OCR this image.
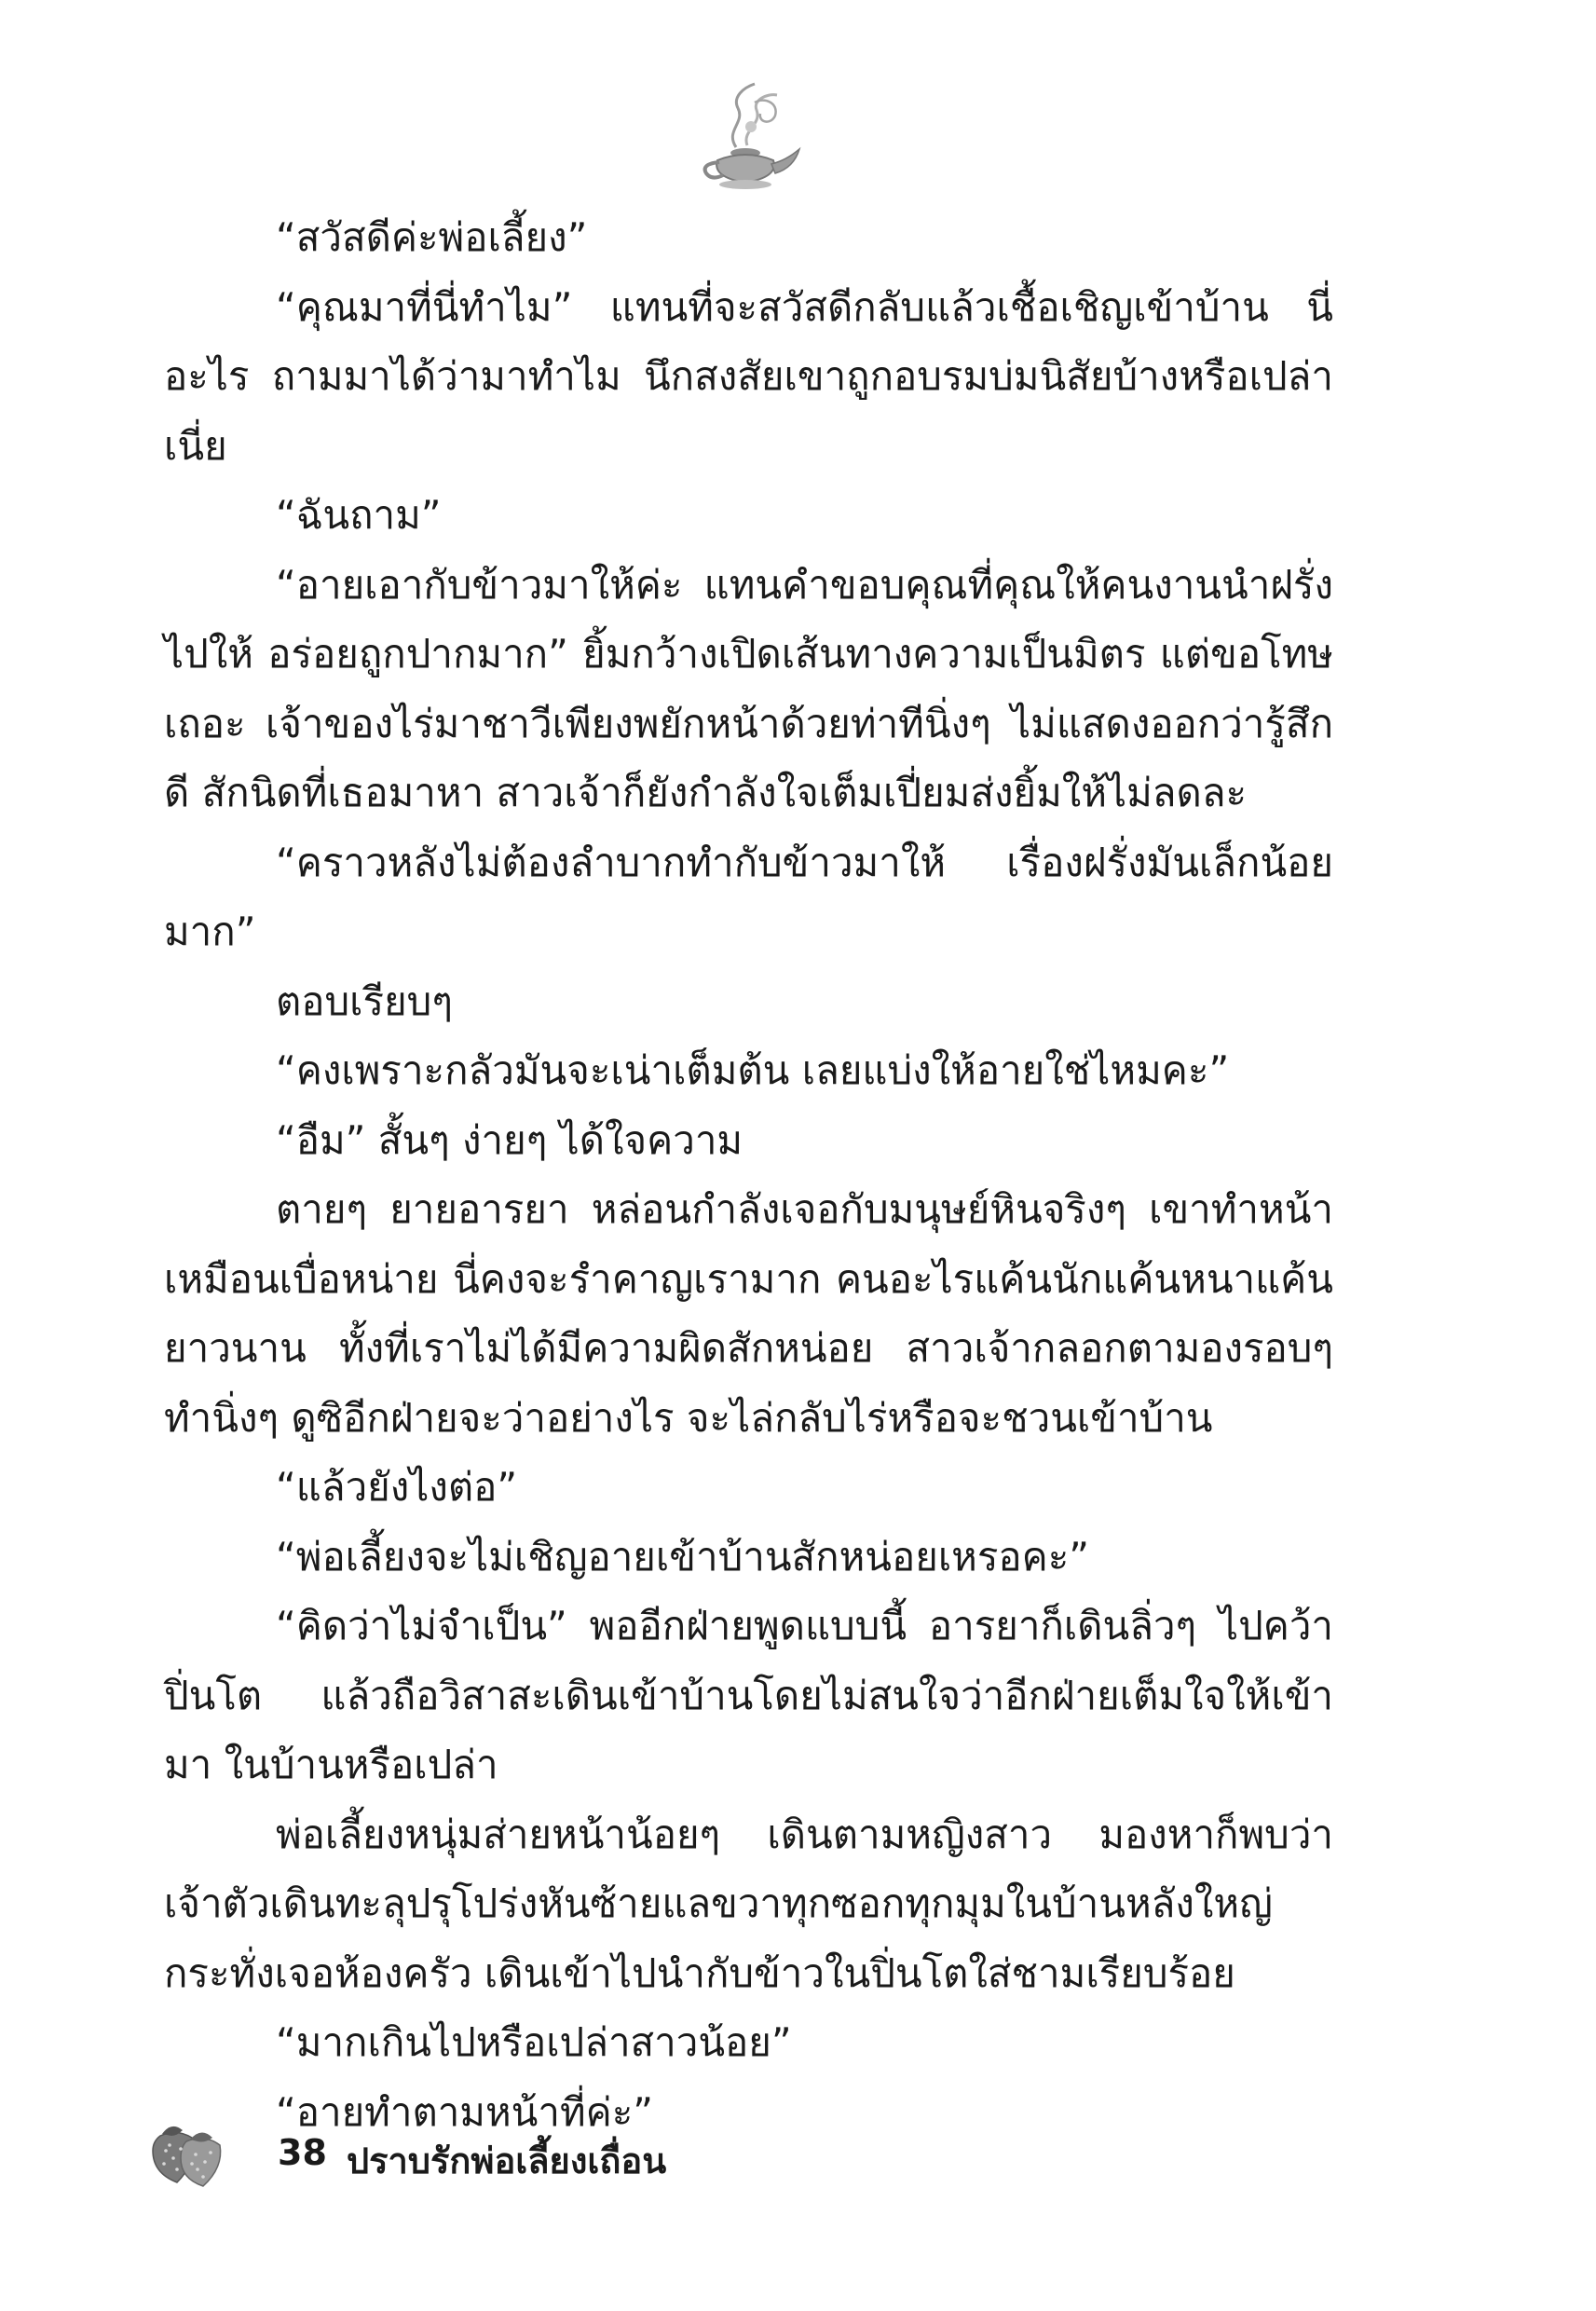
“สวัสดีค่ะพ่อเลี้ยง”

“คุณมาที่นี่ทำไม” แทนที่จะสวัสดีกลับแล้วเชื้อเชิญเข้าบ้าน นี่อะไร ถามมาได้ว่ามาทำไม นึกสงสัยเขาถูกอบรมบ่มนิสัยบ้างหรือเปล่าเนี่ย

“ฉันถาม”

“อายเอากับข้าวมาให้ค่ะ แทนคำขอบคุณที่คุณให้คนงานนำฝรั่ง ไปให้ อร่อยถูกปากมาก” ยิ้มกว้างเปิดเส้นทางความเป็นมิตร แต่ขอโทษ เถอะ เจ้าของไร่มาชาวีเพียงพยักหน้าด้วยท่าทีนิ่งๆ ไม่แสดงออกว่ารู้สึกดี สักนิดที่เธอมาหา สาวเจ้าก็ยังกำลังใจเต็มเปี่ยมส่งยิ้มให้ไม่ลดละ

“คราวหลังไม่ต้องลำบากทำกับข้าวมาให้ เรื่องฝรั่งมันเล็กน้อยมาก”

ตอบเรียบๆ

“คงเพราะกลัวมันจะเน่าเต็มต้น เลยแบ่งให้อายใช่ไหมคะ”

“อืม” สั้นๆ ง่ายๆ ได้ใจความ

ตายๆ ยายอารยา หล่อนกำลังเจอกับมนุษย์หินจริงๆ เขาทำหน้า เหมือนเบื่อหน่าย นี่คงจะรำคาญเรามาก คนอะไรแค้นนักแค้นหนาแค้น ยาวนาน ทั้งที่เราไม่ได้มีความผิดสักหน่อย สาวเจ้ากลอกตามองรอบๆ ทำนิ่งๆ ดูซิอีกฝ่ายจะว่าอย่างไร จะไล่กลับไร่หรือจะชวนเข้าบ้าน

“แล้วยังไงต่อ”

“พ่อเลี้ยงจะไม่เชิญอายเข้าบ้านสักหน่อยเหรอคะ”

“คิดว่าไม่จำเป็น” พออีกฝ่ายพูดแบบนี้ อารยาก็เดินลิ่วๆ ไปคว้า ปิ่นโต แล้วถือวิสาสะเดินเข้าบ้านโดยไม่สนใจว่าอีกฝ่ายเต็มใจให้เข้ามา ในบ้านหรือเปล่า

พ่อเลี้ยงหนุ่มส่ายหน้าน้อยๆ เดินตามหญิงสาว มองหาก็พบว่า เจ้าตัวเดินทะลุปรุโปร่งหันซ้ายแลขวาทุกซอกทุกมุมในบ้านหลังใหญ่ กระทั่งเจอห้องครัว เดินเข้าไปนำกับข้าวในปิ่นโตใส่ชามเรียบร้อย

“มากเกินไปหรือเปล่าสาวน้อย”

“อายทำตามหน้าที่ค่ะ”

38 ปราบรักพ่อเลี้ยงเถื่อน
